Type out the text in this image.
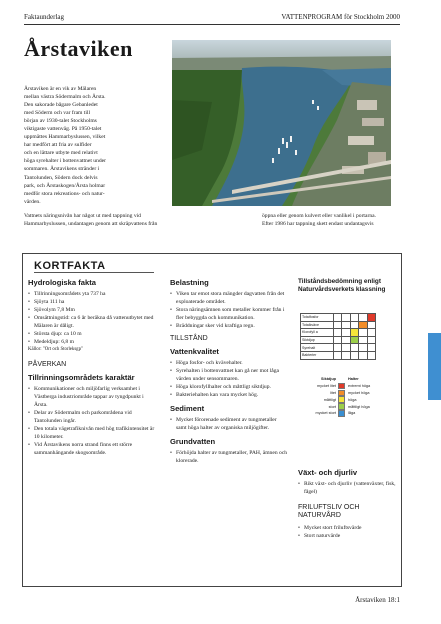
Faktaunderlag	VATTENPROGRAM för Stockholm 2000
Årstaviken

Årstaviken är en vik av Mälaren

mellan västra Södermalm och Årsta.

Den sakorade bågare Gebanledet

med Söderm och var fram till

början av 1930-talet Stockholms

viktigaste vattenväg. På 1950-talet

uppmättes Hammarbyslussen, vilket

har medfört att fria av sulfider

och en lättare utbyte med relativt

höga syrehalter i bottenvattnet under

sommaren. Årstavikens stränder i

Tantolunden, Södern dock delvis

park, och Årstaskogen/Årsta holmar

medför stora rekreations- och natur-

värden.

Vattnets näringsnivån har något ut med tappning vid
Hammarbyslussen, undantagen genom att skräpvattens från
öppna eller genom kulvert eller vanlikel i portarna.
Efter 1986 har tappning skett endast undantagsvis
KORTFAKTA
Hydrologiska fakta
• Tillrinningsområdets yta 737 ha
• Sjöyta 111 ha
• Sjövolym 7,8 Mm
• Omsättningstid: ca 6 år beräkna då vattenutbytet med Mälaren är dåligt.
• Största djup: ca 10 m
• Medeldjup: 6,8 m
Källor: "Ort och Storleksgp"
PÅVERKAN
Tillrinningsområdets karaktär
• Kommunikationer och miljöfarlig verksamhet i Västberga industriområde tappar av tyngdpunkt i Årsta.
• Delar av Södermalm och parkområdena vid Tantolunden ingår.
• Den totala vägetrafiknivån med hög trafikintensitet är 10 kilometer.
• Vid Årstavikens norra strand finns ett större sammanhängande skogsområde.
Belastning
• Viken tar emot stora mängder dagvatten från det exploaterade området.
• Stora näringsämnen som metaller kommer från i fler bebyggda och kommunikation.
• Bräddningar sker vid kraftiga regn.
TILLSTÅND
Vattenkvalitet
• Höga fosfor- och kvävehalter.
• Syrehalten i bottenvattnet kan gå ner mot låga värden under sensommaren.
• Höga klorofyllhalter och måttligt siktdjup.
• Bakteriehalten kan vara mycket hög.
Sediment
• Mycket förorenade sediment av tungmetaller samt höga halter av organiska miljögifter.
Grundvatten
• Förhöjda halter av tungmetaller, PAH, ämnen och klorerade.
Tillståndsbedömning enligt Naturvårdsverkets klassning
Totalfosfor					
Totalkväve					
Klorofyll a					
Siktdjup					
Syrehalt					
Bakterier					
Siktdjup	Halter
mycket litet	extremt höga
litet	mycket höga
måttligt	höga
stort	måttligt höga
mycket stort	låga
Växt- och djurliv
• Rikt växt- och djurliv (vattenväxter, fisk, fågel)
FRILUFTSLIV OCH NATURVÅRD
• Mycket stort friluftsvärde
• Stort naturvärde
Årstaviken 18:1
